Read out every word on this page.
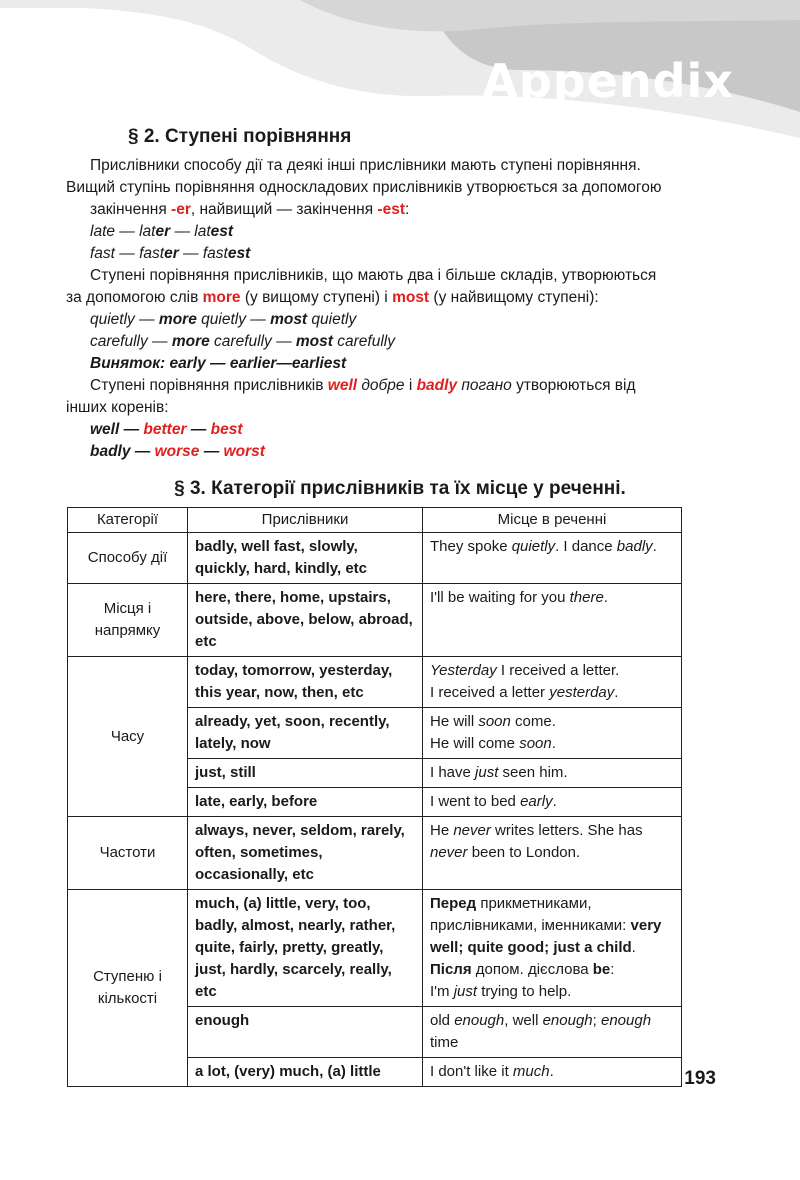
Appendix
§ 2. Ступені порівняння
Прислівники способу дії та деякі інші прислівники мають ступені порівняння.
Вищий ступінь порівняння односкладових прислівників утворюється за допомогою
закінчення -er, найвищий — закінчення -est:
late — later — latest
fast — faster — fastest
Ступені порівняння прислівників, що мають два і більше складів, утворюються
за допомогою слів more (у вищому ступені) і most (у найвищому ступені):
quietly — more quietly — most quietly
carefully — more carefully — most carefully
Виняток: early — earlier—earliest
Ступені порівняння прислівників well добре і badly погано утворюються від
інших коренів:
well — better — best
badly — worse — worst
§ 3. Категорії прислівників та їх місце у реченні.
Категорії	Прислівники	Місце в реченні
Способу дії	badly, well fast, slowly, quickly, hard, kindly, etc	They spoke quietly. I dance badly.
Місця і напрямку	here, there, home, upstairs, outside, above, below, abroad, etc	I'll be waiting for you there.
Часу	today, tomorrow, yesterday, this year, now, then, etc	Yesterday I received a letter.
I received a letter yesterday.
	already, yet, soon, recently, lately, now	He will soon come.
He will come soon.
	just, still	I have just seen him.
	late, early, before	I went to bed early.
Частоти	always, never, seldom, rarely, often, sometimes, occasionally, etc	He never writes letters. She has never been to London.
Ступеню і кількості	much, (a) little, very, too, badly, almost, nearly, rather, quite, fairly, pretty, greatly, just, hardly, scarcely, really, etc	Перед прикметниками, прислівниками, іменниками: very well; quite good; just a child. Після допом. дієслова be:
I'm just trying to help.
	enough	old enough, well enough; enough time
	a lot, (very) much, (a) little	I don't like it much.	193
